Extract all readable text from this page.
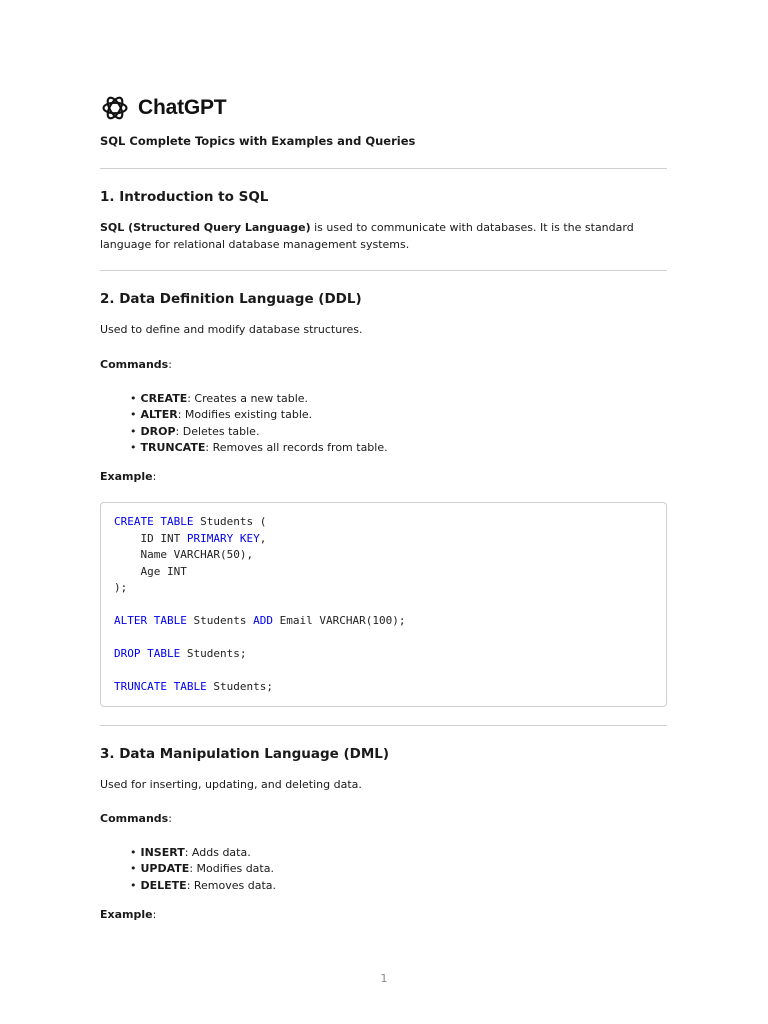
ChatGPT
SQL Complete Topics with Examples and Queries
1. Introduction to SQL

SQL (Structured Query Language) is used to communicate with databases. It is the standard language for relational database management systems.

2. Data Definition Language (DDL)

Used to define and modify database structures.

Commands:

• CREATE: Creates a new table.
• ALTER: Modifies existing table.
• DROP: Deletes table.
• TRUNCATE: Removes all records from table.

Example:

CREATE TABLE Students (
ID INT PRIMARY KEY,
Name VARCHAR(50),
Age INT
);
ALTER TABLE Students ADD Email VARCHAR(100);
DROP TABLE Students;
TRUNCATE TABLE Students;
3. Data Manipulation Language (DML)

Used for inserting, updating, and deleting data.

Commands:

• INSERT: Adds data.
• UPDATE: Modifies data.
• DELETE: Removes data.

Example:

1
